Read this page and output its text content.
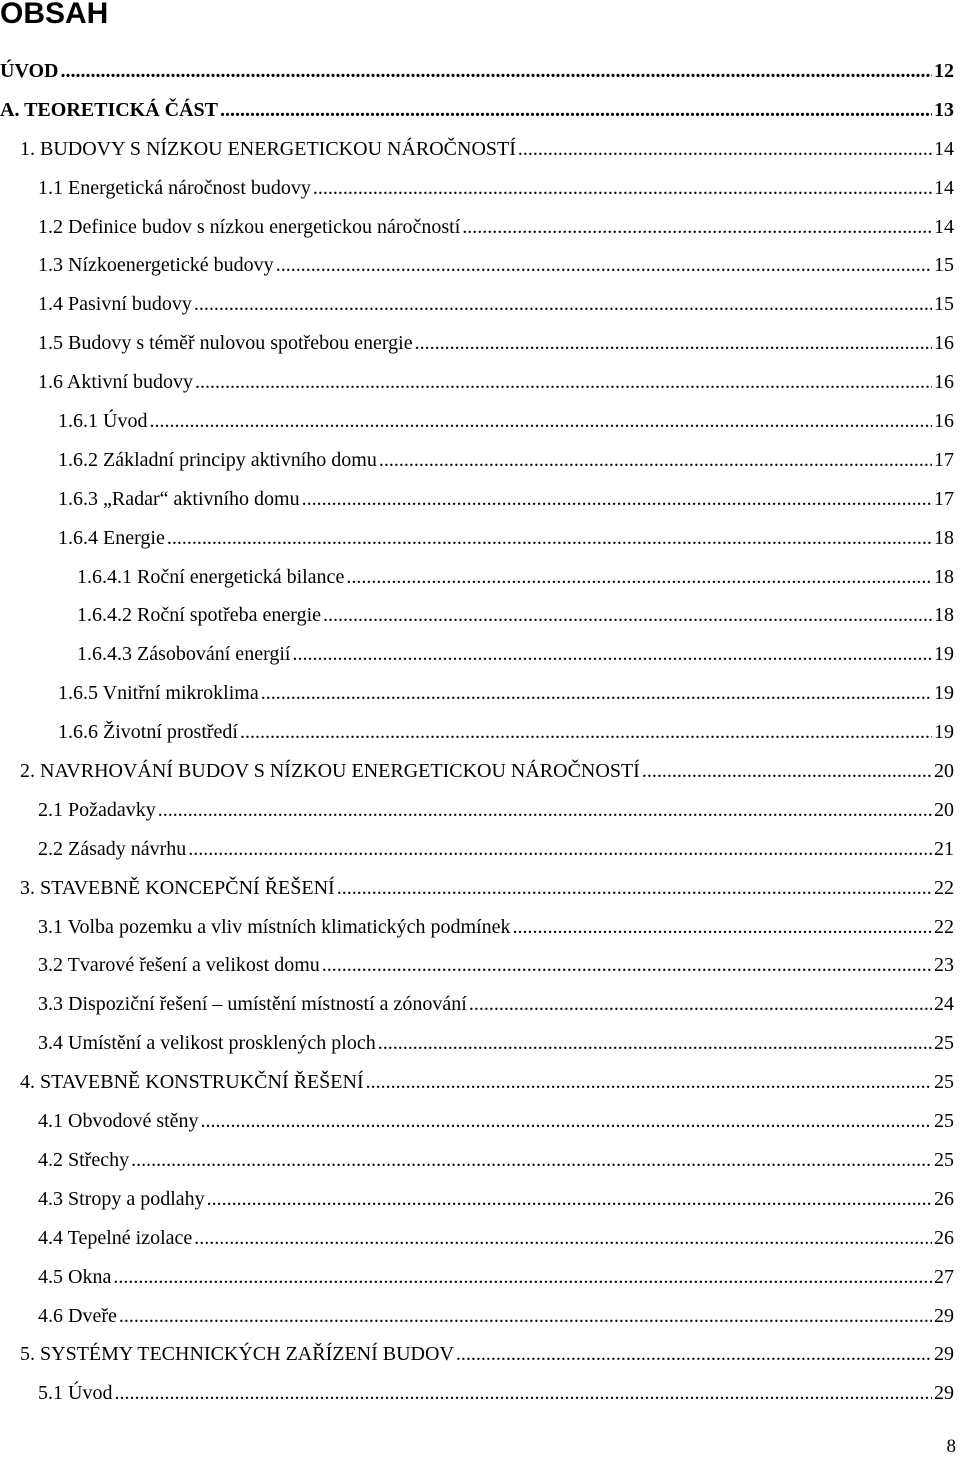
OBSAH
ÚVOD .....	12
A. TEORETICKÁ ČÁST .....	13
1. BUDOVY S NÍZKOU ENERGETICKOU NÁROČNOSTÍ .....	14
1.1 Energetická náročnost budovy .....	14
1.2 Definice budov s nízkou energetickou náročností .....	14
1.3 Nízkoenergetické budovy .....	15
1.4 Pasivní budovy .....	15
1.5 Budovy s téměř nulovou spotřebou energie .....	16
1.6 Aktivní budovy .....	16
1.6.1 Úvod .....	16
1.6.2 Základní principy aktivního domu .....	17
1.6.3 „Radar“ aktivního domu .....	17
1.6.4 Energie .....	18
1.6.4.1 Roční energetická bilance .....	18
1.6.4.2 Roční spotřeba energie .....	18
1.6.4.3 Zásobování energií .....	19
1.6.5 Vnitřní mikroklima .....	19
1.6.6 Životní prostředí .....	19
2. NAVRHOVÁNÍ BUDOV S NÍZKOU ENERGETICKOU NÁROČNOSTÍ .....	20
2.1 Požadavky .....	20
2.2 Zásady návrhu .....	21
3. STAVEBNĚ KONCEPČNÍ ŘEŠENÍ .....	22
3.1 Volba pozemku a vliv místních klimatických podmínek .....	22
3.2 Tvarové řešení a velikost domu .....	23
3.3 Dispoziční řešení – umístění místností a zónování .....	24
3.4 Umístění a velikost prosklených ploch .....	25
4. STAVEBNĚ KONSTRUKČNÍ ŘEŠENÍ .....	25
4.1 Obvodové stěny .....	25
4.2 Střechy .....	25
4.3 Stropy a podlahy .....	26
4.4 Tepelné izolace .....	26
4.5 Okna .....	27
4.6 Dveře .....	29
5. SYSTÉMY TECHNICKÝCH ZAŘÍZENÍ BUDOV .....	29
5.1 Úvod .....	29
8
